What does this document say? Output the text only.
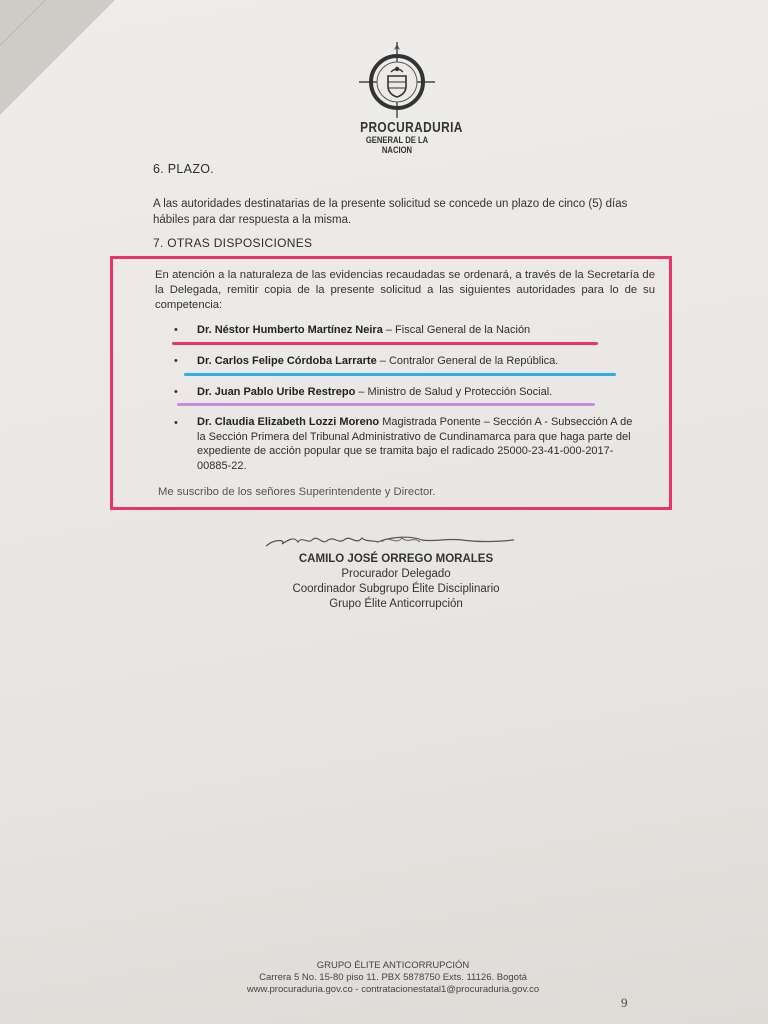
PROCURADURIA
GENERAL DE LA NACION
6. PLAZO.
A las autoridades destinatarias de la presente solicitud se concede un plazo de cinco (5) días hábiles para dar respuesta a la misma.
7. OTRAS DISPOSICIONES
En atención a la naturaleza de las evidencias recaudadas se ordenará, a través de la Secretaría de la Delegada, remitir copia de la presente solicitud a las siguientes autoridades para lo de su competencia:
• Dr. Néstor Humberto Martínez Neira – Fiscal General de la Nación
• Dr. Carlos Felipe Córdoba Larrarte – Contralor General de la República.
• Dr. Juan Pablo Uribe Restrepo – Ministro de Salud y Protección Social.
• Dr. Claudia Elizabeth Lozzi Moreno Magistrada Ponente – Sección A - Subsección A de la Sección Primera del Tribunal Administrativo de Cundinamarca para que haga parte del expediente de acción popular que se tramita bajo el radicado 25000-23-41-000-2017-00885-22.
Me suscribo de los señores Superintendente y Director.
CAMILO JOSÉ ORREGO MORALES
Procurador Delegado
Coordinador Subgrupo Élite Disciplinario
Grupo Élite Anticorrupción
GRUPO ÉLITE ANTICORRUPCIÓN
Carrera 5 No. 15-80 piso 11. PBX 5878750 Exts. 11126. Bogotá
www.procuraduria.gov.co - contratacionestatal1@procuraduria.gov.co
9
